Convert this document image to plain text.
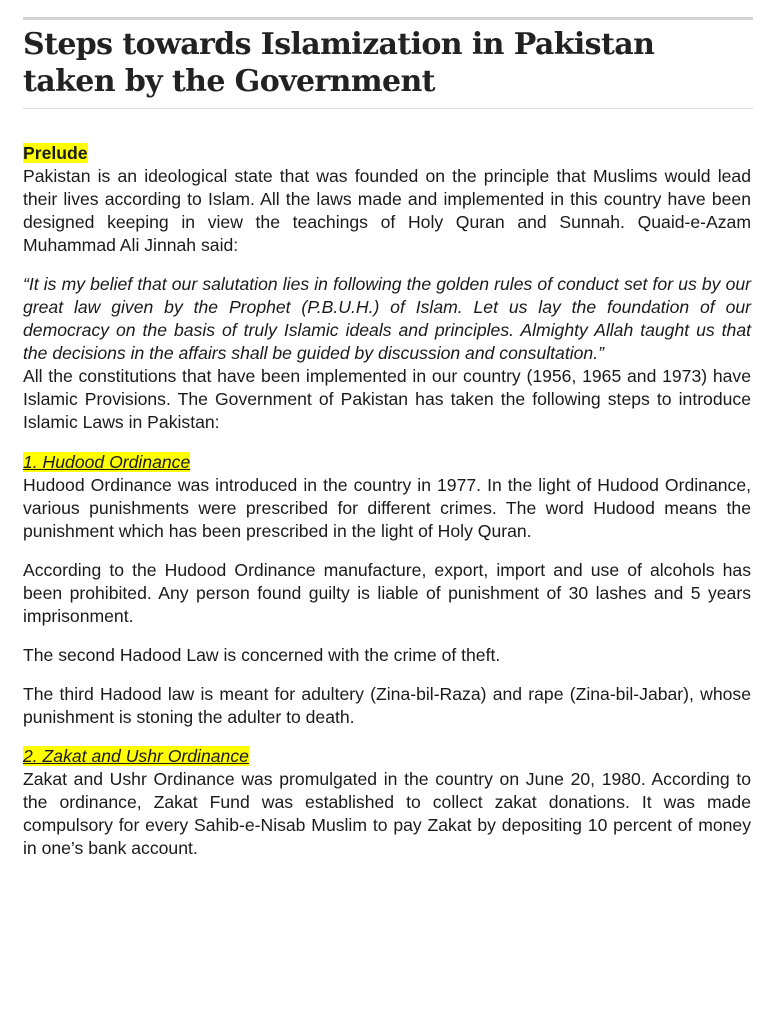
Steps towards Islamization in Pakistan taken by the Government

Prelude

Pakistan is an ideological state that was founded on the principle that Muslims would lead their lives according to Islam. All the laws made and implemented in this country have been designed keeping in view the teachings of Holy Quran and Sunnah. Quaid-e-Azam Muhammad Ali Jinnah said:

“It is my belief that our salutation lies in following the golden rules of conduct set for us by our great law given by the Prophet (P.B.U.H.) of Islam. Let us lay the foundation of our democracy on the basis of truly Islamic ideals and principles. Almighty Allah taught us that the decisions in the affairs shall be guided by discussion and consultation.”

All the constitutions that have been implemented in our country (1956, 1965 and 1973) have Islamic Provisions. The Government of Pakistan has taken the following steps to introduce Islamic Laws in Pakistan:

1. Hudood Ordinance

Hudood Ordinance was introduced in the country in 1977. In the light of Hudood Ordinance, various punishments were prescribed for different crimes. The word Hudood means the punishment which has been prescribed in the light of Holy Quran.

According to the Hudood Ordinance manufacture, export, import and use of alcohols has been prohibited. Any person found guilty is liable of punishment of 30 lashes and 5 years imprisonment.

The second Hadood Law is concerned with the crime of theft.

The third Hadood law is meant for adultery (Zina-bil-Raza) and rape (Zina-bil-Jabar), whose punishment is stoning the adulter to death.

2. Zakat and Ushr Ordinance

Zakat and Ushr Ordinance was promulgated in the country on June 20, 1980. According to the ordinance, Zakat Fund was established to collect zakat donations. It was made compulsory for every Sahib-e-Nisab Muslim to pay Zakat by depositing 10 percent of money in one’s bank account.
